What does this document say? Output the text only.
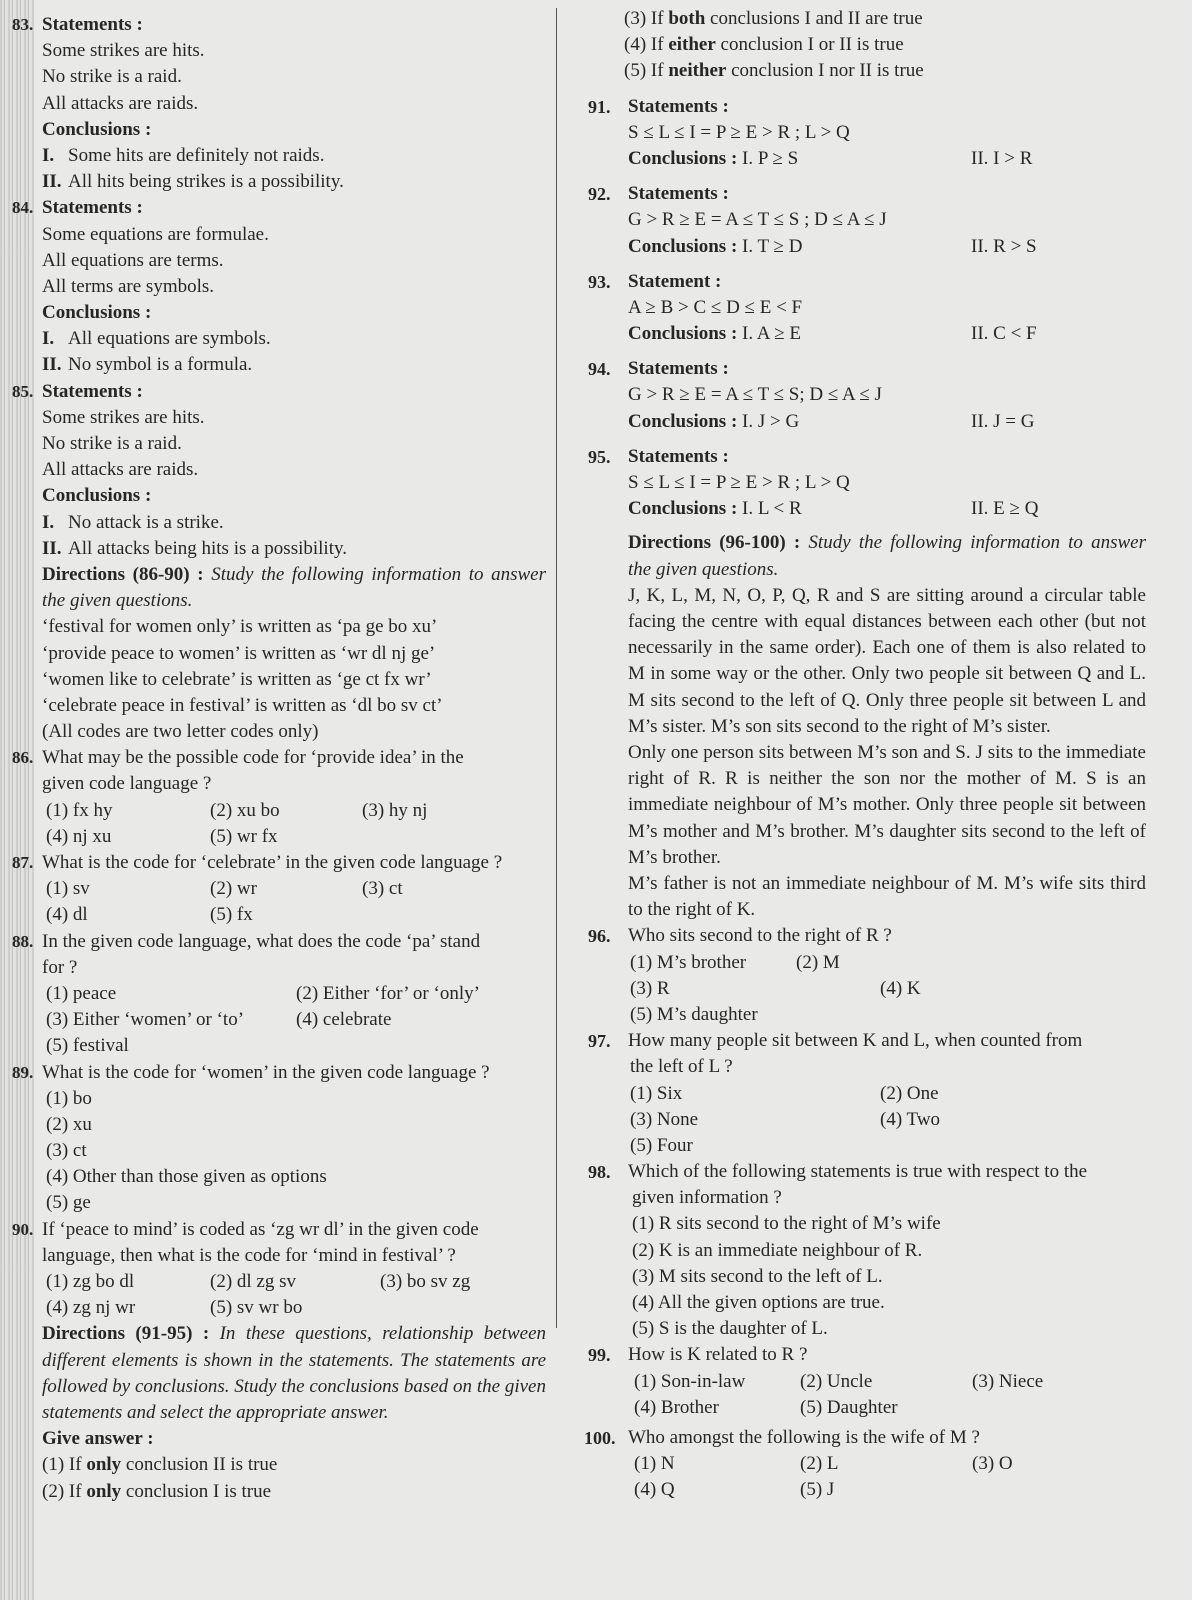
83. Statements :
Some strikes are hits.
No strike is a raid.
All attacks are raids.
Conclusions :
I. Some hits are definitely not raids.
II. All hits being strikes is a possibility.
84. Statements :
Some equations are formulae.
All equations are terms.
All terms are symbols.
Conclusions :
I. All equations are symbols.
II. No symbol is a formula.
85. Statements :
Some strikes are hits.
No strike is a raid.
All attacks are raids.
Conclusions :
I. No attack is a strike.
II. All attacks being hits is a possibility.
Directions (86-90) : Study the following information to answer the given questions.
‘festival for women only’ is written as ‘pa ge bo xu’
‘provide peace to women’ is written as ‘wr dl nj ge’
‘women like to celebrate’ is written as ‘ge ct fx wr’
‘celebrate peace in festival’ is written as ‘dl bo sv ct’
(All codes are two letter codes only)
86. What may be the possible code for ‘provide idea’ in the
given code language ?
(1) fx hy	(2) xu bo	(3) hy nj
(4) nj xu	(5) wr fx
87. What is the code for ‘celebrate’ in the given code language ?
(1) sv	(2) wr	(3) ct
(4) dl	(5) fx
88. In the given code language, what does the code ‘pa’ stand
for ?
(1) peace	(2) Either ‘for’ or ‘only’
(3) Either ‘women’ or ‘to’	(4) celebrate
(5) festival
89. What is the code for ‘women’ in the given code language ?
(1) bo
(2) xu
(3) ct
(4) Other than those given as options
(5) ge
90. If ‘peace to mind’ is coded as ‘zg wr dl’ in the given code
language, then what is the code for ‘mind in festival’ ?
(1) zg bo dl	(2) dl zg sv	(3) bo sv zg
(4) zg nj wr	(5) sv wr bo
Directions (91-95) : In these questions, relationship between different elements is shown in the statements. The statements are followed by conclusions. Study the conclusions based on the given statements and select the appropriate answer.
Give answer :
(1) If only conclusion II is true
(2) If only conclusion I is true
(3) If both conclusions I and II are true
(4) If either conclusion I or II is true
(5) If neither conclusion I nor II is true
91. Statements :
S ≤ L ≤ I = P ≥ E > R ; L > Q
Conclusions : I. P ≥ S	II. I > R
92. Statements :
G > R ≥ E = A ≤ T ≤ S ; D ≤ A ≤ J
Conclusions : I. T ≥ D	II. R > S
93. Statement :
A ≥ B > C ≤ D ≤ E < F
Conclusions : I. A ≥ E	II. C < F
94. Statements :
G > R ≥ E = A ≤ T ≤ S; D ≤ A ≤ J
Conclusions : I. J > G	II. J = G
95. Statements :
S ≤ L ≤ I = P ≥ E > R ; L > Q
Conclusions : I. L < R	II. E ≥ Q
Directions (96-100) : Study the following information to answer the given questions.
J, K, L, M, N, O, P, Q, R and S are sitting around a circular table facing the centre with equal distances between each other (but not necessarily in the same order). Each one of them is also related to M in some way or the other. Only two people sit between Q and L. M sits second to the left of Q. Only three people sit between L and M’s sister. M’s son sits second to the right of M’s sister.
Only one person sits between M’s son and S. J sits to the immediate right of R. R is neither the son nor the mother of M. S is an immediate neighbour of M’s mother. Only three people sit between M’s mother and M’s brother. M’s daughter sits second to the left of M’s brother.
M’s father is not an immediate neighbour of M. M’s wife sits third to the right of K.
96. Who sits second to the right of R ?
(1) M’s brother	(2) M
(3) R	(4) K
(5) M’s daughter
97. How many people sit between K and L, when counted from
the left of L ?
(1) Six	(2) One
(3) None	(4) Two
(5) Four
98. Which of the following statements is true with respect to the
given information ?
(1) R sits second to the right of M’s wife
(2) K is an immediate neighbour of R.
(3) M sits second to the left of L.
(4) All the given options are true.
(5) S is the daughter of L.
99. How is K related to R ?
(1) Son-in-law	(2) Uncle	(3) Niece
(4) Brother	(5) Daughter
100. Who amongst the following is the wife of M ?
(1) N	(2) L	(3) O
(4) Q	(5) J
